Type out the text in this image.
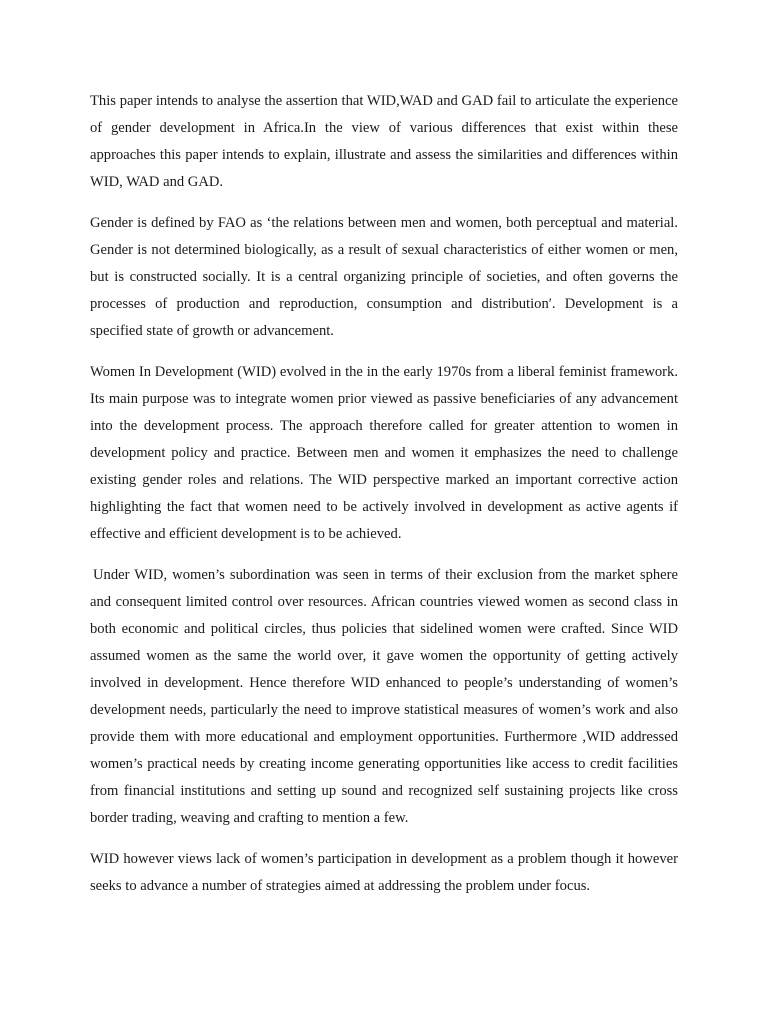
This paper intends to analyse the assertion that WID,WAD and GAD fail to articulate the experience of gender development in Africa.In the view of various differences that exist within these approaches this paper intends to explain, illustrate and assess the similarities and differences within WID, WAD and GAD.

Gender is defined by FAO as ‘the relations between men and women, both perceptual and material. Gender is not determined biologically, as a result of sexual characteristics of either women or men, but is constructed socially. It is a central organizing principle of societies, and often governs the processes of production and reproduction, consumption and distribution′. Development is a specified state of growth or advancement.

Women In Development (WID) evolved in the in the early 1970s from a liberal feminist framework. Its main purpose was to integrate women prior viewed as passive beneficiaries of any advancement into the development process. The approach therefore called for greater attention to women in development policy and practice. Between men and women it emphasizes the need to challenge existing gender roles and relations. The WID perspective marked an important corrective action highlighting the fact that women need to be actively involved in development as active agents if effective and efficient development is to be achieved.

Under WID, women’s subordination was seen in terms of their exclusion from the market sphere and consequent limited control over resources. African countries viewed women as second class in both economic and political circles, thus policies that sidelined women were crafted. Since WID assumed women as the same the world over, it gave women the opportunity of getting actively involved in development. Hence therefore WID enhanced to people’s understanding of women’s development needs, particularly the need to improve statistical measures of women’s work and also provide them with more educational and employment opportunities. Furthermore ,WID addressed women’s practical needs by creating income generating opportunities like access to credit facilities from financial institutions and setting up sound and recognized self sustaining projects like cross border trading, weaving and crafting to mention a few.

WID however views lack of women’s participation in development as a problem though it however seeks to advance a number of strategies aimed at addressing the problem under focus.
